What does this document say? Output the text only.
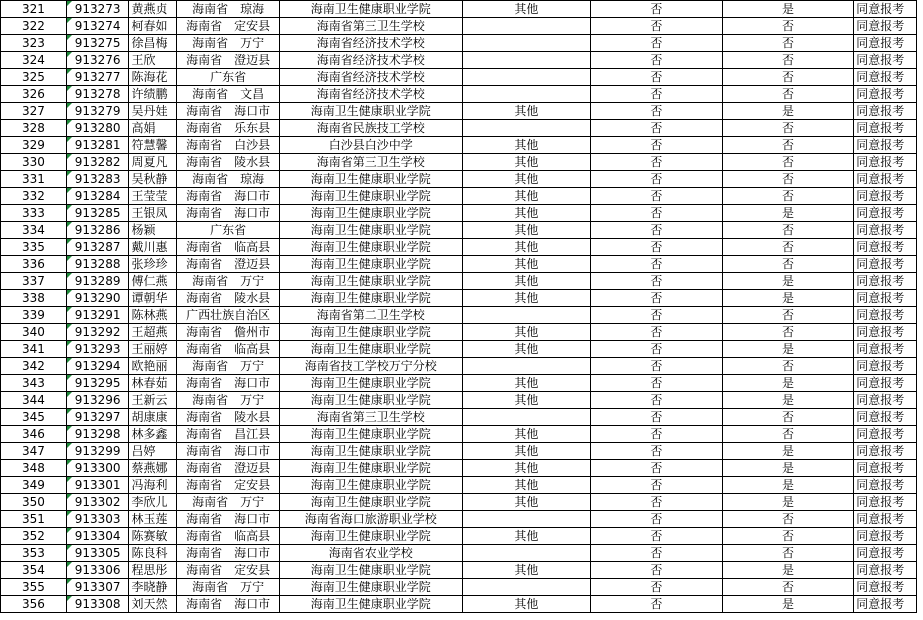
321	913273	黄燕贞	海南省　琼海	海南卫生健康职业学院	其他	否	是	同意报考
322	913274	柯春如	海南省　定安县	海南省第三卫生学校		否	否	同意报考
323	913275	徐昌梅	海南省　万宁	海南省经济技术学校		否	否	同意报考
324	913276	王欣	海南省　澄迈县	海南省经济技术学校		否	否	同意报考
325	913277	陈海花	广东省	海南省经济技术学校		否	否	同意报考
326	913278	许绩鹏	海南省　文昌	海南省经济技术学校		否	否	同意报考
327	913279	吴丹娃	海南省　海口市	海南卫生健康职业学院	其他	否	是	同意报考
328	913280	高娟	海南省　乐东县	海南省民族技工学校		否	否	同意报考
329	913281	符慧馨	海南省　白沙县	白沙县白沙中学	其他	否	否	同意报考
330	913282	周夏凡	海南省　陵水县	海南省第三卫生学校	其他	否	否	同意报考
331	913283	吴秋静	海南省　琼海	海南卫生健康职业学院	其他	否	否	同意报考
332	913284	王莹莹	海南省　海口市	海南卫生健康职业学院	其他	否	否	同意报考
333	913285	王银凤	海南省　海口市	海南卫生健康职业学院	其他	否	是	同意报考
334	913286	杨颖	广东省	海南卫生健康职业学院	其他	否	否	同意报考
335	913287	戴川惠	海南省　临高县	海南卫生健康职业学院	其他	否	否	同意报考
336	913288	张珍珍	海南省　澄迈县	海南卫生健康职业学院	其他	否	否	同意报考
337	913289	傅仁燕	海南省　万宁	海南卫生健康职业学院	其他	否	是	同意报考
338	913290	谭朝华	海南省　陵水县	海南卫生健康职业学院	其他	否	是	同意报考
339	913291	陈林燕	广西壮族自治区	海南省第二卫生学校		否	否	同意报考
340	913292	王超燕	海南省　儋州市	海南卫生健康职业学院	其他	否	否	同意报考
341	913293	王丽婷	海南省　临高县	海南卫生健康职业学院	其他	否	是	同意报考
342	913294	欧艳丽	海南省　万宁	海南省技工学校万宁分校		否	否	同意报考
343	913295	林春茹	海南省　海口市	海南卫生健康职业学院	其他	否	是	同意报考
344	913296	王新云	海南省　万宁	海南卫生健康职业学院	其他	否	是	同意报考
345	913297	胡康康	海南省　陵水县	海南省第三卫生学校		否	否	同意报考
346	913298	林多鑫	海南省　昌江县	海南卫生健康职业学院	其他	否	否	同意报考
347	913299	吕婷	海南省　海口市	海南卫生健康职业学院	其他	否	是	同意报考
348	913300	蔡燕娜	海南省　澄迈县	海南卫生健康职业学院	其他	否	是	同意报考
349	913301	冯海利	海南省　定安县	海南卫生健康职业学院	其他	否	是	同意报考
350	913302	李欣儿	海南省　万宁	海南卫生健康职业学院	其他	否	是	同意报考
351	913303	林玉莲	海南省　海口市	海南省海口旅游职业学校		否	否	同意报考
352	913304	陈赛敏	海南省　临高县	海南卫生健康职业学院	其他	否	否	同意报考
353	913305	陈良科	海南省　海口市	海南省农业学校		否	否	同意报考
354	913306	程思彤	海南省　定安县	海南卫生健康职业学院	其他	否	是	同意报考
355	913307	李晓静	海南省　万宁	海南卫生健康职业学院		否	否	同意报考
356	913308	刘天然	海南省　海口市	海南卫生健康职业学院	其他	否	是	同意报考
